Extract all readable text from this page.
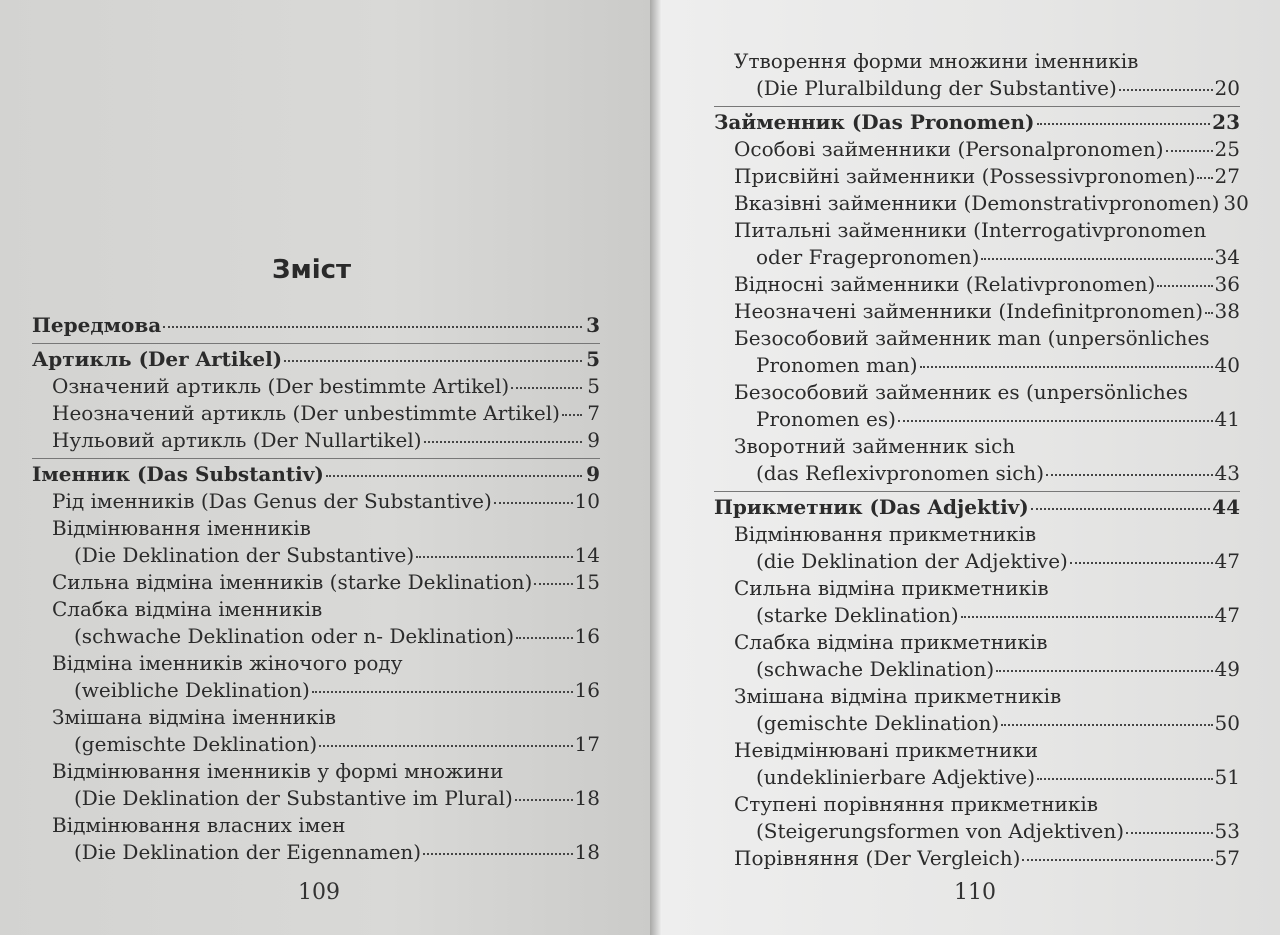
Зміст
Передмова	3
Артикль (Der Artikel)	5
Означений артикль (Der bestimmte Artikel)	5
Неозначений артикль (Der unbestimmte Artikel) 7
Нульовий артикль (Der Nullartikel)	9
Іменник (Das Substantiv)	9
Рід іменників (Das Genus der Substantive)	10
Відмінювання іменників
(Die Deklination der Substantive)	14
Сильна відміна іменників (starke Deklination) 15
Слабка відміна іменників
(schwache Deklination oder n- Deklination)	16
Відміна іменників жіночого роду
(weibliche Deklination)	16
Змішана відміна іменників
(gemischte Deklination)	17
Відмінювання іменників у формі множини
(Die Deklination der Substantive im Plural)	18
Відмінювання власних імен
(Die Deklination der Eigennamen)	18
109
Утворення форми множини іменників
(Die Pluralbildung der Substantive)	20
Займенник (Das Pronomen)	23
Особові займенники (Personalpronomen)	25
Присвійні займенники (Possessivpronomen) 27
Вказівні займенники (Demonstrativpronomen) 30
Питальні займенники (Interrogativpronomen
oder Fragepronomen)	34
Відносні займенники (Relativpronomen)	36
Неозначені займенники (Indefinitpronomen) 38
Безособовий займенник man (unpersönliches
Pronomen man)	40
Безособовий займенник es (unpersönliches
Pronomen es)	41
Зворотний займенник sich
(das Reflexivpronomen sich)	43
Прикметник (Das Adjektiv)	44
Відмінювання прикметників
(die Deklination der Adjektive)	47
Сильна відміна прикметників
(starke Deklination)	47
Слабка відміна прикметників
(schwache Deklination)	49
Змішана відміна прикметників
(gemischte Deklination)	50
Невідмінювані прикметники
(undeklinierbare Adjektive)	51
Ступені порівняння прикметників
(Steigerungsformen von Adjektiven)	53
Порівняння (Der Vergleich)	57
110
